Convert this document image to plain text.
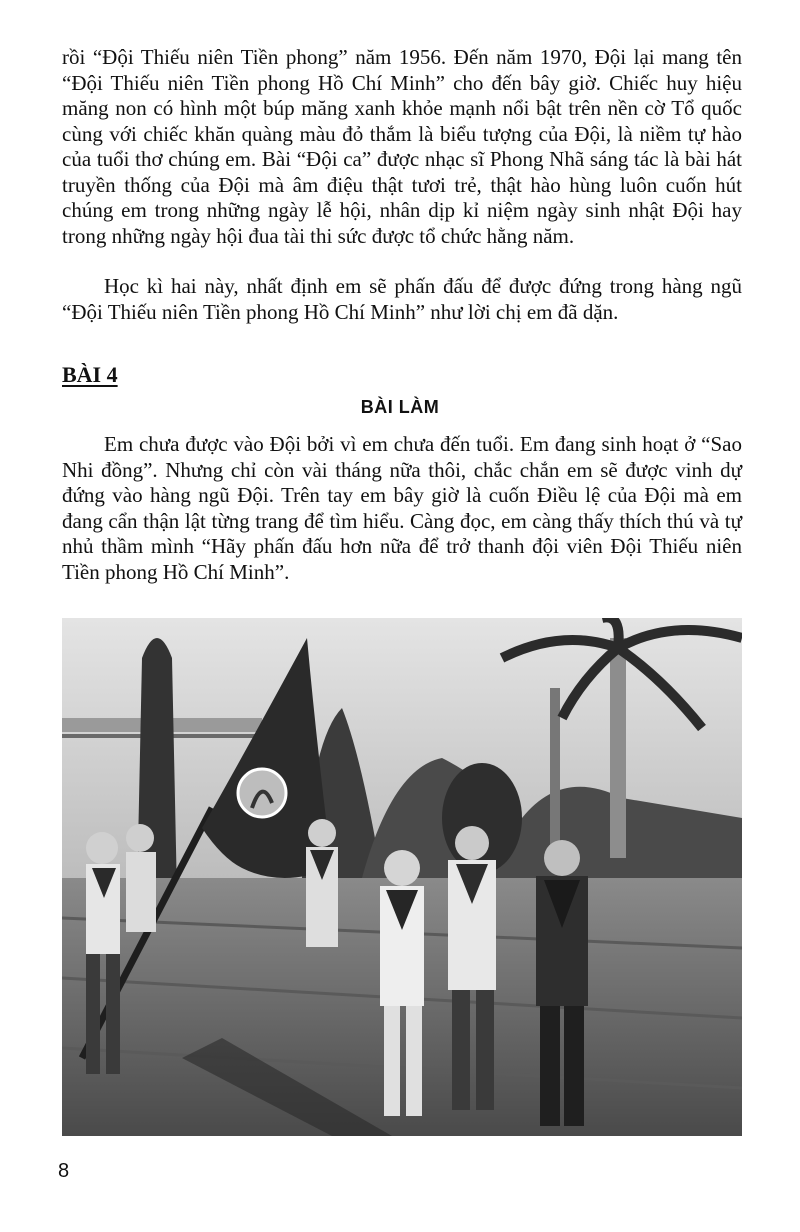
rồi “Đội Thiếu niên Tiền phong” năm 1956. Đến năm 1970, Đội lại mang tên “Đội Thiếu niên Tiền phong Hồ Chí Minh” cho đến bây giờ. Chiếc huy hiệu măng non có hình một búp măng xanh khỏe mạnh nổi bật trên nền cờ Tổ quốc cùng với chiếc khăn quàng màu đỏ thắm là biểu tượng của Đội, là niềm tự hào của tuổi thơ chúng em. Bài “Đội ca” được nhạc sĩ Phong Nhã sáng tác là bài hát truyền thống của Đội mà âm điệu thật tươi trẻ, thật hào hùng luôn cuốn hút chúng em trong những ngày lễ hội, nhân dịp kỉ niệm ngày sinh nhật Đội hay trong những ngày hội đua tài thi sức được tổ chức hằng năm.

Học kì hai này, nhất định em sẽ phấn đấu để được đứng trong hàng ngũ “Đội Thiếu niên Tiền phong Hồ Chí Minh” như lời chị em đã dặn.

BÀI 4

BÀI LÀM

Em chưa được vào Đội bởi vì em chưa đến tuổi. Em đang sinh hoạt ở “Sao Nhi đồng”. Nhưng chỉ còn vài tháng nữa thôi, chắc chắn em sẽ được vinh dự đứng vào hàng ngũ Đội. Trên tay em bây giờ là cuốn Điều lệ của Đội mà em đang cẩn thận lật từng trang để tìm hiểu. Càng đọc, em càng thấy thích thú và tự nhủ thầm mình “Hãy phấn đấu hơn nữa để trở thanh đội viên Đội Thiếu niên Tiền phong Hồ Chí Minh”.

8
